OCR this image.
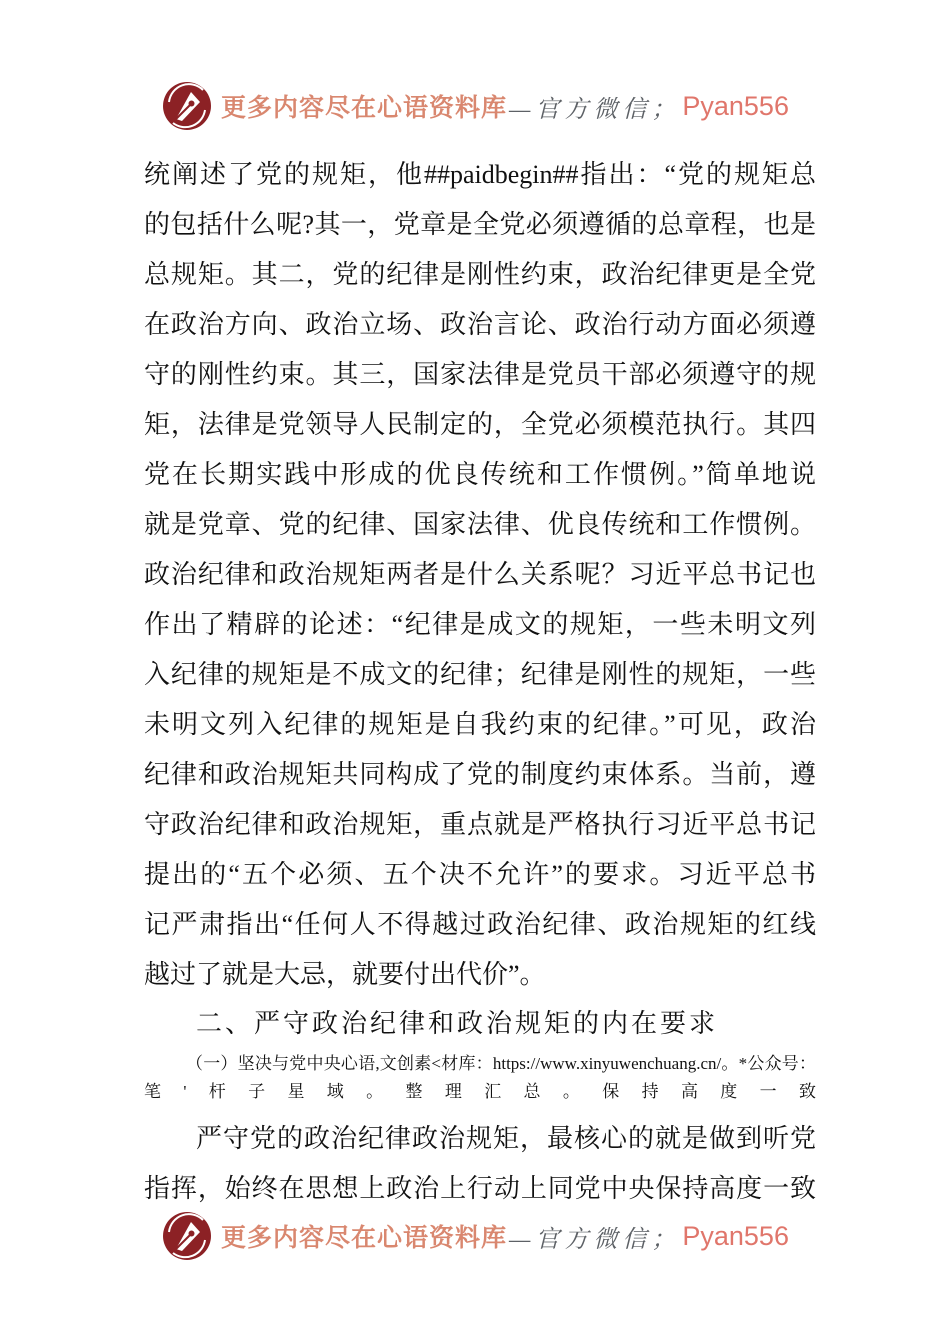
更多内容尽在心语资料库 —官方微信； Pyan556
统阐述了党的规矩，他##paidbegin##指出：“党的规矩总
的包括什么呢?其一，党章是全党必须遵循的总章程，也是
总规矩。其二，党的纪律是刚性约束，政治纪律更是全党
在政治方向、政治立场、政治言论、政治行动方面必须遵
守的刚性约束。其三，国家法律是党员干部必须遵守的规
矩，法律是党领导人民制定的，全党必须模范执行。其四
党在长期实践中形成的优良传统和工作惯例。”简单地说
就是党章、党的纪律、国家法律、优良传统和工作惯例。
政治纪律和政治规矩两者是什么关系呢？习近平总书记也
作出了精辟的论述：“纪律是成文的规矩，一些未明文列
入纪律的规矩是不成文的纪律；纪律是刚性的规矩，一些
未明文列入纪律的规矩是自我约束的纪律。”可见，政治
纪律和政治规矩共同构成了党的制度约束体系。当前，遵
守政治纪律和政治规矩，重点就是严格执行习近平总书记
提出的“五个必须、五个决不允许”的要求。习近平总书
记严肃指出“任何人不得越过政治纪律、政治规矩的红线
越过了就是大忌，就要付出代价”。
二、严守政治纪律和政治规矩的内在要求
（一）坚决与党中央心语,文创素<材库：https://www.xinyuwenchuang.cn/。*公众号：
笔'杆子星域。整理汇总。保持高度一致
严守党的政治纪律政治规矩，最核心的就是做到听党
指挥，始终在思想上政治上行动上同党中央保持高度一致
更多内容尽在心语资料库 —官方微信； Pyan556
